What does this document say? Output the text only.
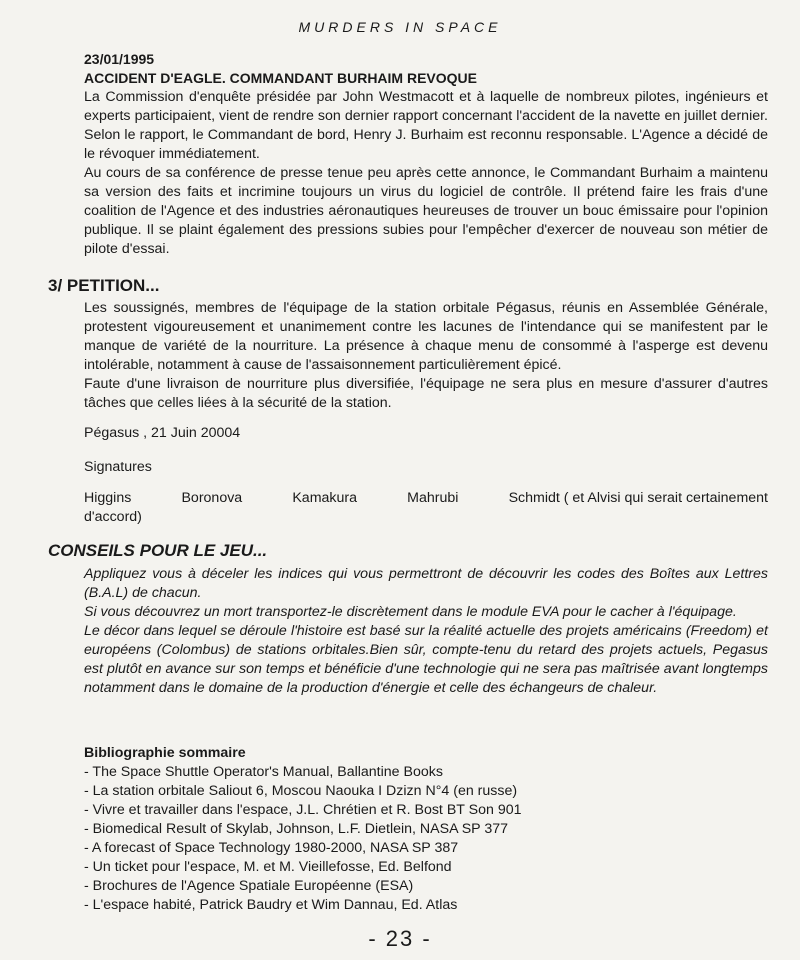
MURDERS IN SPACE
23/01/1995
ACCIDENT D'EAGLE. COMMANDANT BURHAIM REVOQUE

La Commission d'enquête présidée par John Westmacott et à laquelle de nombreux pilotes, ingénieurs et experts participaient, vient de rendre son dernier rapport concernant l'accident de la navette en juillet dernier. Selon le rapport, le Commandant de bord, Henry J. Burhaim est reconnu responsable. L'Agence a décidé de le révoquer immédiatement.

Au cours de sa conférence de presse tenue peu après cette annonce, le Commandant Burhaim a maintenu sa version des faits et incrimine toujours un virus du logiciel de contrôle. Il prétend faire les frais d'une coalition de l'Agence et des industries aéronautiques heureuses de trouver un bouc émissaire pour l'opinion publique. Il se plaint également des pressions subies pour l'empêcher d'exercer de nouveau son métier de pilote d'essai.

3/ PETITION...

Les soussignés, membres de l'équipage de la station orbitale Pégasus, réunis en Assemblée Générale, protestent vigoureusement et unanimement contre les lacunes de l'intendance qui se manifestent par le manque de variété de la nourriture. La présence à chaque menu de consommé à l'asperge est devenu intolérable, notamment à cause de l'assaisonnement particulièrement épicé.

Faute d'une livraison de nourriture plus diversifiée, l'équipage ne sera plus en mesure d'assurer d'autres tâches que celles liées à la sécurité de la station.

Pégasus , 21 Juin 20004
Signatures
Higgins	Boronova	Kamakura	Mahrubi	Schmidt ( et Alvisi qui serait certainement
d'accord)
CONSEILS POUR LE JEU...

Appliquez vous à déceler les indices qui vous permettront de découvrir les codes des Boîtes aux Lettres (B.A.L) de chacun.

Si vous découvrez un mort transportez-le discrètement dans le module EVA pour le cacher à l'équipage.

Le décor dans lequel se déroule l'histoire est basé sur la réalité actuelle des projets américains (Freedom) et européens (Colombus) de stations orbitales.Bien sûr, compte-tenu du retard des projets actuels, Pegasus est plutôt en avance sur son temps et bénéficie d'une technologie qui ne sera pas maîtrisée avant longtemps notamment dans le domaine de la production d'énergie et celle des échangeurs de chaleur.

Bibliographie sommaire
- The Space Shuttle Operator's Manual, Ballantine Books
- La station orbitale Saliout 6, Moscou Naouka I Dzizn N°4 (en russe)
- Vivre et travailler dans l'espace, J.L. Chrétien et R. Bost BT Son 901
- Biomedical Result of Skylab, Johnson, L.F. Dietlein, NASA SP 377
- A forecast of Space Technology 1980-2000, NASA SP 387
- Un ticket pour l'espace, M. et M. Vieillefosse, Ed. Belfond
- Brochures de l'Agence Spatiale Européenne (ESA)
- L'espace habité, Patrick Baudry et Wim Dannau, Ed. Atlas
- 23 -
